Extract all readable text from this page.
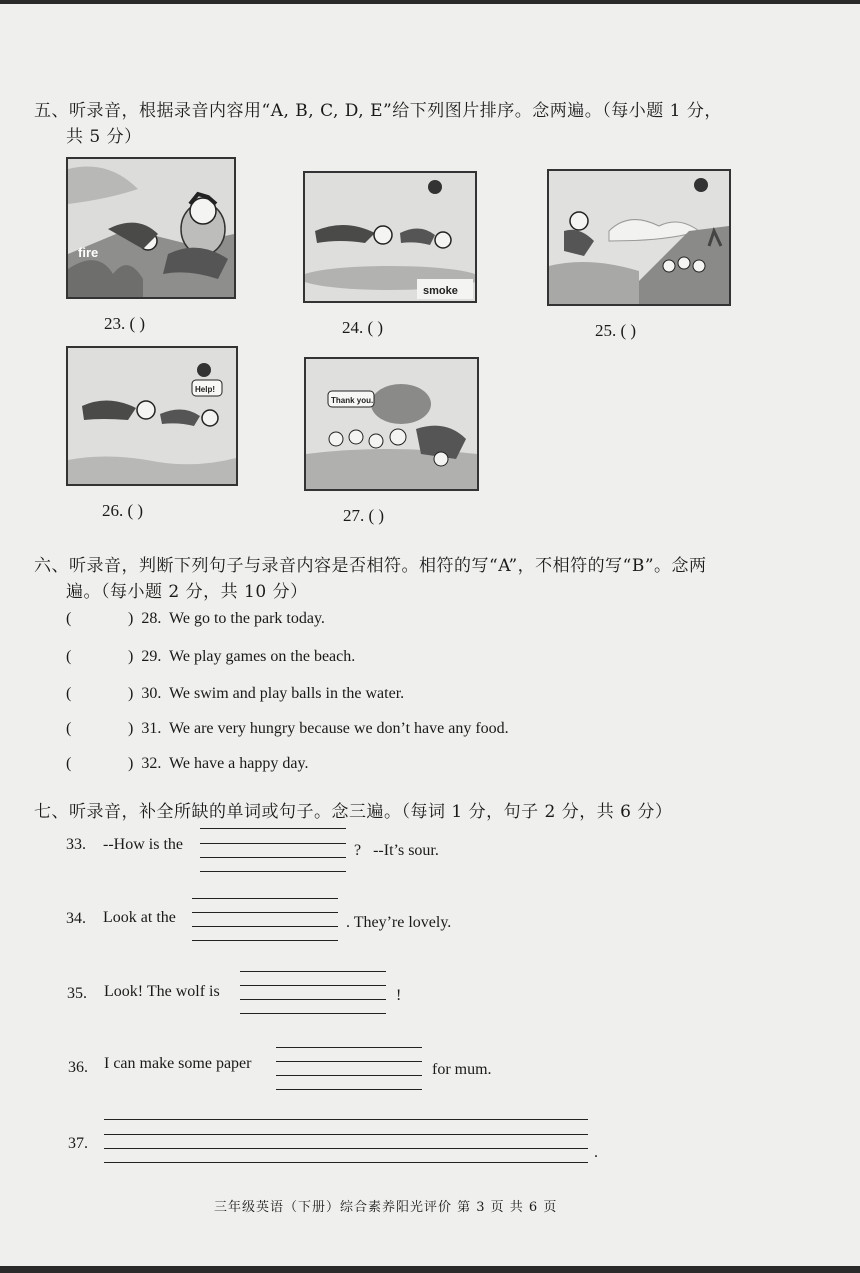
五、听录音，根据录音内容用“A, B, C, D, E”给下列图片排序。念两遍。（每小题 1 分，
共 5 分）
fire
23. ( )
smoke
24. ( )	25. ( )
Help!
26. ( )
Thank you.
27. ( )
六、听录音，判断下列句子与录音内容是否相符。相符的写“A”，不相符的写“B”。念两
遍。（每小题 2 分，共 10 分）
(	) 28. We go to the park today.
(	) 29. We play games on the beach.
(	) 30. We swim and play balls in the water.
(	) 31. We are very hungry because we don’t have any food.
(	) 32. We have a happy day.
七、听录音，补全所缺的单词或句子。念三遍。（每词 1 分，句子 2 分，共 6 分）
33. --How is the	?   --It’s sour.
34. Look at the	. They’re lovely.
35. Look! The wolf is	!
36. I can make some paper	for mum.
37.
.
三年级英语（下册）综合素养阳光评价 第 3 页 共 6 页
